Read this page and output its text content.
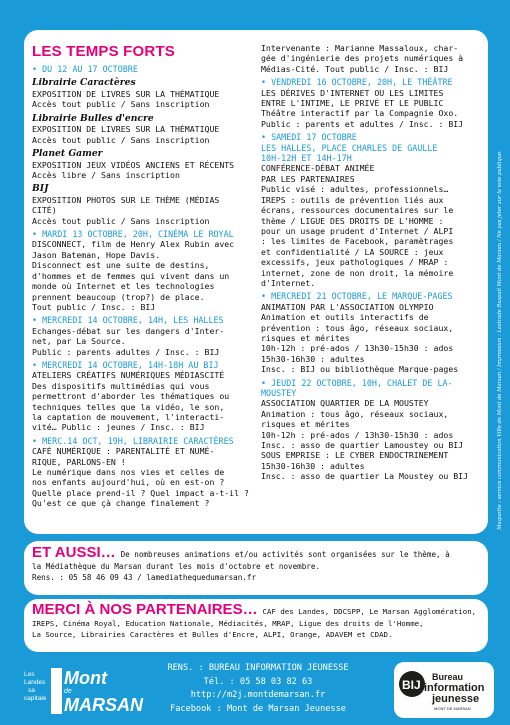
LES TEMPS FORTS
• DU 12 AU 17 OCTOBRE
Librairie Caractères
EXPOSITION DE LIVRES SUR LA THÉMATIQUE
Accès tout public / Sans inscription
Librairie Bulles d'encre
EXPOSITION DE LIVRES SUR LA THÉMATIQUE
Accès tout public / Sans inscription
Planet Gamer
EXPOSITION JEUX VIDÉOS ANCIENS ET RÉCENTS
Accès libre / Sans inscription
BIJ
EXPOSITION PHOTOS SUR LE THÈME (MÉDIAS
CITÉ)
Accès tout public / Sans inscription
• MARDI 13 OCTOBRE, 20H, CINÉMA LE ROYAL
DISCONNECT, film de Henry Alex Rubin avec
Jason Bateman, Hope Davis.
Disconnect est une suite de destins,
d'hommes et de femmes qui vivent dans un
monde où Internet et les technologies
prennent beaucoup (trop?) de place.
Tout public / Insc. : BIJ
• MERCREDI 14 OCTOBRE, 14H, LES HALLES
Echanges-débat sur les dangers d'Inter-
net, par La Source.
Public : parents adultes / Insc. : BIJ
• MERCREDI 14 OCTOBRE, 14H-18H AU BIJ
ATELIERS CRÉATIFS NUMÉRIQUES MÉDIASCITÉ
Des dispositifs multimédias qui vous
permettront d'aborder les thématiques ou
techniques telles que la vidéo, le son,
la captation de mouvement, l'interacti-
vité… Public : jeunes / Insc. : BIJ
• MERC.14 OCT, 19H, LIBRAIRIE CARACTÈRES
CAFÉ NUMÉRIQUE : PARENTALITÉ ET NUMÉ-
RIQUE, PARLONS-EN !
Le numérique dans nos vies et celles de
nos enfants aujourd'hui, où en est-on ?
Quelle place prend-il ? Quel impact a-t-il ?
Qu'est ce que çà change finalement ?
Intervenante : Marianne Massaloux, char-
gée d'ingénierie des projets numériques à
Médias-Cité. Tout public / Insc. : BIJ
• VENDREDI 16 OCTOBRE, 20H, LE THÉÂTRE
LES DÉRIVES D'INTERNET OU LES LIMITES
ENTRE L'INTIME, LE PRIVÉ ET LE PUBLIC
Théâtre interactif par la Compagnie Oxo.
Public : parents et adultes / Insc. : BIJ
• SAMEDI 17 OCTOBRE
LES HALLES, PLACE CHARLES DE GAULLE
10H-12H ET 14H-17H
CONFÉRENCE-DÉBAT ANIMÉE
PAR LES PARTENAIRES
Public visé : adultes, professionnels…
IREPS : outils de prévention liés aux
écrans, ressources documentaires sur le
thème / LIGUE DES DROITS DE L'HOMME :
pour un usage prudent d'Internet / ALPI
: les limites de Facebook, paramètrages
et confidentialité / LA SOURCE : jeux
excessifs, jeux pathologiques / MRAP :
internet, zone de non droit, la mémoire
d'Internet.
• MERCREDI 21 OCTOBRE, LE MARQUE-PAGES
ANIMATION PAR L'ASSOCIATION OLYMPIO
Animation et outils interactifs de
prévention : tous âgo, réseaux sociaux,
risques et mérites
10h-12h : pré-ados / 13h30-15h30 : ados
15h30-16h30 : adultes
Insc. : BIJ ou bibliothèque Marque-pages
• JEUDI 22 OCTOBRE, 10H, CHALET DE LA-
MOUSTEY
ASSOCIATION QUARTIER DE LA MOUSTEY
Animation : tous âgo, réseaux sociaux,
risques et mérites
10h-12h : pré-ados / 13h30-15h30 : ados
Insc. : asso de quartier Lamoustey ou BIJ
SOUS EMPRISE : LE CYBER ENDOCTRINEMENT
15h30-16h30 : adultes
Insc. : asso de quartier La Moustey ou BIJ
ET AUSSI… De nombreuses animations et/ou activités sont organisées sur le thème, à
la Médiathèque du Marsan durant les mois d'octobre et novembre.
Rens. : 05 58 46 09 43 / lamediathequedumarsan.fr
MERCI À NOS PARTENAIRES… CAF des Landes, DDCSPP, Le Marsan Agglomération,
IREPS, Cinéma Royal, Education Nationale, Médiacités, MRAP, Ligue des droits de l'Homme,
La Source, Librairies Caractères et Bulles d'Encre, ALPI, Orange, ADAVEM et CDAD.
RENS. : BUREAU INFORMATION JEUNESSE
Tél. : 05 58 03 82 63
http://m2j.montdemarsan.fr
Facebook : Mont de Marsan Jeunesse
Les
Landes
sa
capitale
Mont
de
MARSAN
BIJ
Bureau
information
jeunesse
MONT DE MARSAN
Maquette : service communication Ville de Mont de Marsan / Impression : Lestrade Raspail Mont de Marsan / Ne pas jeter sur la voie publique.
